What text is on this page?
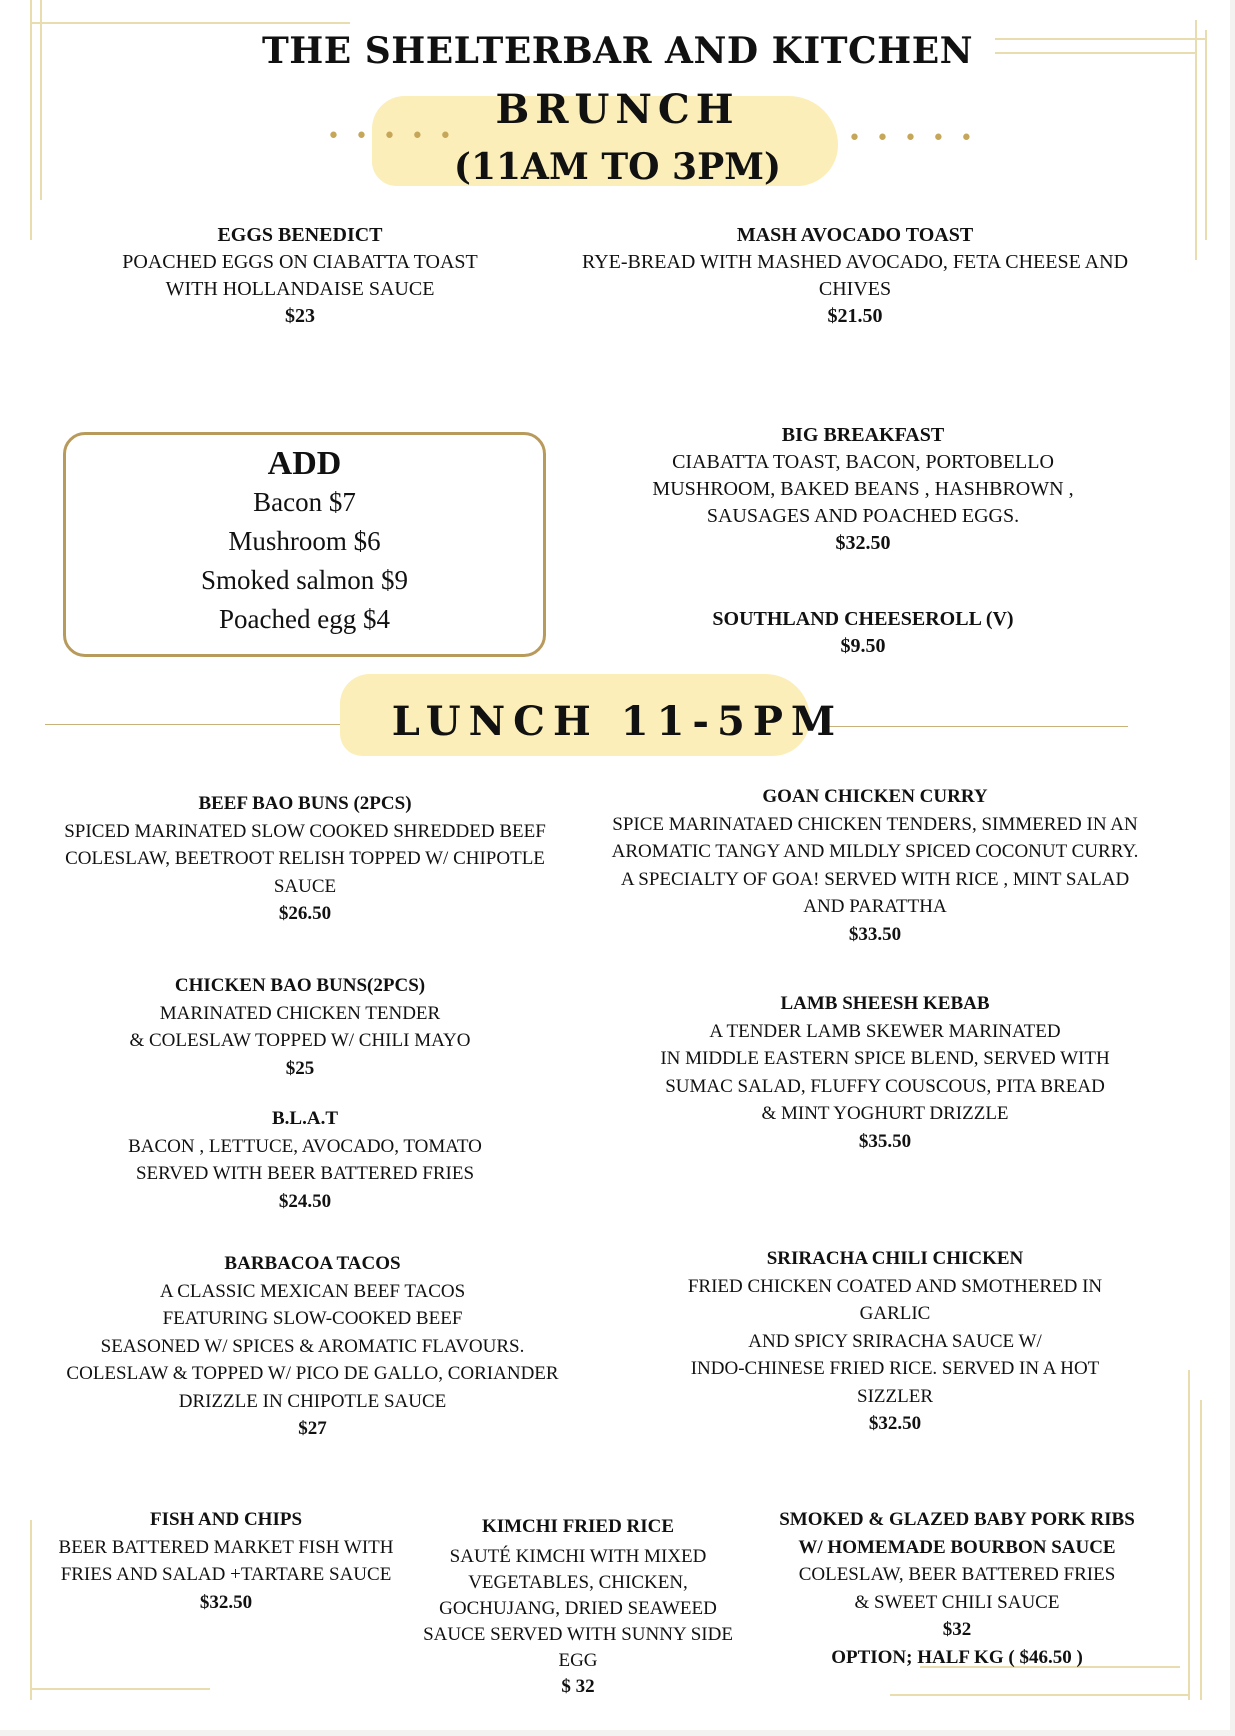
THE SHELTERBAR AND KITCHEN
• • • • •	• • • • •
BRUNCH
(11AM TO 3PM)
EGGS BENEDICT
POACHED EGGS ON CIABATTA TOAST
WITH HOLLANDAISE SAUCE
$23
MASH AVOCADO TOAST
RYE-BREAD WITH MASHED AVOCADO, FETA CHEESE AND
CHIVES
$21.50
ADD
Bacon $7
Mushroom $6
Smoked salmon $9
Poached egg $4
BIG BREAKFAST
CIABATTA TOAST, BACON, PORTOBELLO
MUSHROOM, BAKED BEANS , HASHBROWN ,
SAUSAGES AND POACHED EGGS.
$32.50
SOUTHLAND CHEESEROLL (V)
$9.50
LUNCH 11-5PM
BEEF BAO BUNS (2PCS)
SPICED MARINATED SLOW COOKED SHREDDED BEEF
COLESLAW, BEETROOT RELISH TOPPED W/ CHIPOTLE
SAUCE
$26.50
GOAN CHICKEN CURRY
SPICE MARINATAED CHICKEN TENDERS, SIMMERED IN AN
AROMATIC TANGY AND MILDLY SPICED COCONUT CURRY.
A SPECIALTY OF GOA! SERVED WITH RICE , MINT SALAD
AND PARATTHA
$33.50
CHICKEN BAO BUNS(2PCS)
MARINATED CHICKEN TENDER
& COLESLAW TOPPED W/ CHILI MAYO
$25
LAMB SHEESH KEBAB
A TENDER LAMB SKEWER MARINATED
IN MIDDLE EASTERN SPICE BLEND, SERVED WITH
SUMAC SALAD, FLUFFY COUSCOUS, PITA BREAD
& MINT YOGHURT DRIZZLE
$35.50
B.L.A.T
BACON , LETTUCE, AVOCADO, TOMATO
SERVED WITH BEER BATTERED FRIES
$24.50
BARBACOA TACOS
A CLASSIC MEXICAN BEEF TACOS
FEATURING SLOW-COOKED BEEF
SEASONED W/ SPICES & AROMATIC FLAVOURS.
COLESLAW & TOPPED W/ PICO DE GALLO, CORIANDER
DRIZZLE IN CHIPOTLE SAUCE
$27
SRIRACHA CHILI CHICKEN
FRIED CHICKEN COATED AND SMOTHERED IN
GARLIC
AND SPICY SRIRACHA SAUCE W/
INDO-CHINESE FRIED RICE. SERVED IN A HOT
SIZZLER
$32.50
FISH AND CHIPS
BEER BATTERED MARKET FISH WITH
FRIES AND SALAD +TARTARE SAUCE
$32.50
KIMCHI FRIED RICE
SAUTÉ KIMCHI WITH MIXED
VEGETABLES, CHICKEN,
GOCHUJANG, DRIED SEAWEED
SAUCE SERVED WITH SUNNY SIDE
EGG
$ 32
SMOKED & GLAZED BABY PORK RIBS
W/ HOMEMADE BOURBON SAUCE
COLESLAW, BEER BATTERED FRIES
& SWEET CHILI SAUCE
$32
OPTION; HALF KG ( $46.50 )
